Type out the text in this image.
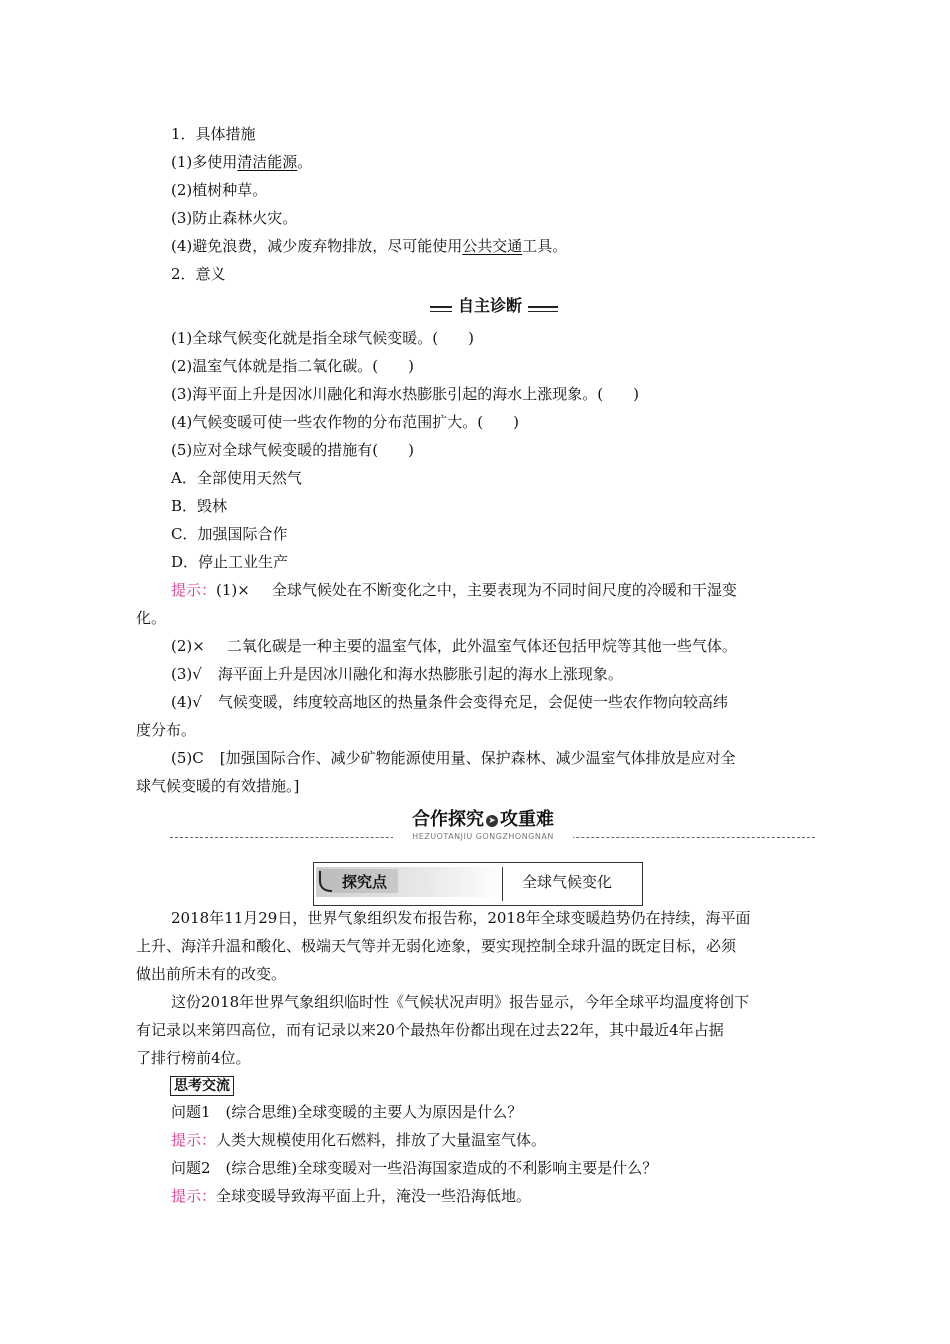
1．具体措施
(1)多使用清洁能源。
(2)植树种草。
(3)防止森林火灾。
(4)避免浪费，减少废弃物排放，尽可能使用公共交通工具。
2．意义
自主诊断
(1)全球气候变化就是指全球气候变暖。(　　)
(2)温室气体就是指二氧化碳。(　　)
(3)海平面上升是因冰川融化和海水热膨胀引起的海水上涨现象。(　　)
(4)气候变暖可使一些农作物的分布范围扩大。(　　)
(5)应对全球气候变暖的措施有(　　)
A．全部使用天然气
B．毁林
C．加强国际合作
D．停止工业生产
提示：(1)× 全球气候处在不断变化之中，主要表现为不同时间尺度的冷暖和干湿变
化。
(2)× 二氧化碳是一种主要的温室气体，此外温室气体还包括甲烷等其他一些气体。
(3)√ 海平面上升是因冰川融化和海水热膨胀引起的海水上涨现象。
(4)√ 气候变暖，纬度较高地区的热量条件会变得充足，会促使一些农作物向较高纬
度分布。
(5)C [加强国际合作、减少矿物能源使用量、保护森林、减少温室气体排放是应对全
球气候变暖的有效措施。]
合作探究 ➤ 攻重难
HEZUOTANJIU GONGZHONGNAN
探究点	全球气候变化
2018年11月29日，世界气象组织发布报告称，2018年全球变暖趋势仍在持续，海平面
上升、海洋升温和酸化、极端天气等并无弱化迹象，要实现控制全球升温的既定目标，必须
做出前所未有的改变。
这份2018年世界气象组织临时性《气候状况声明》报告显示，今年全球平均温度将创下
有记录以来第四高位，而有记录以来20个最热年份都出现在过去22年，其中最近4年占据
了排行榜前4位。
思考交流
问题1　(综合思维)全球变暖的主要人为原因是什么？
提示：人类大规模使用化石燃料，排放了大量温室气体。
问题2　(综合思维)全球变暖对一些沿海国家造成的不利影响主要是什么？
提示：全球变暖导致海平面上升，淹没一些沿海低地。
